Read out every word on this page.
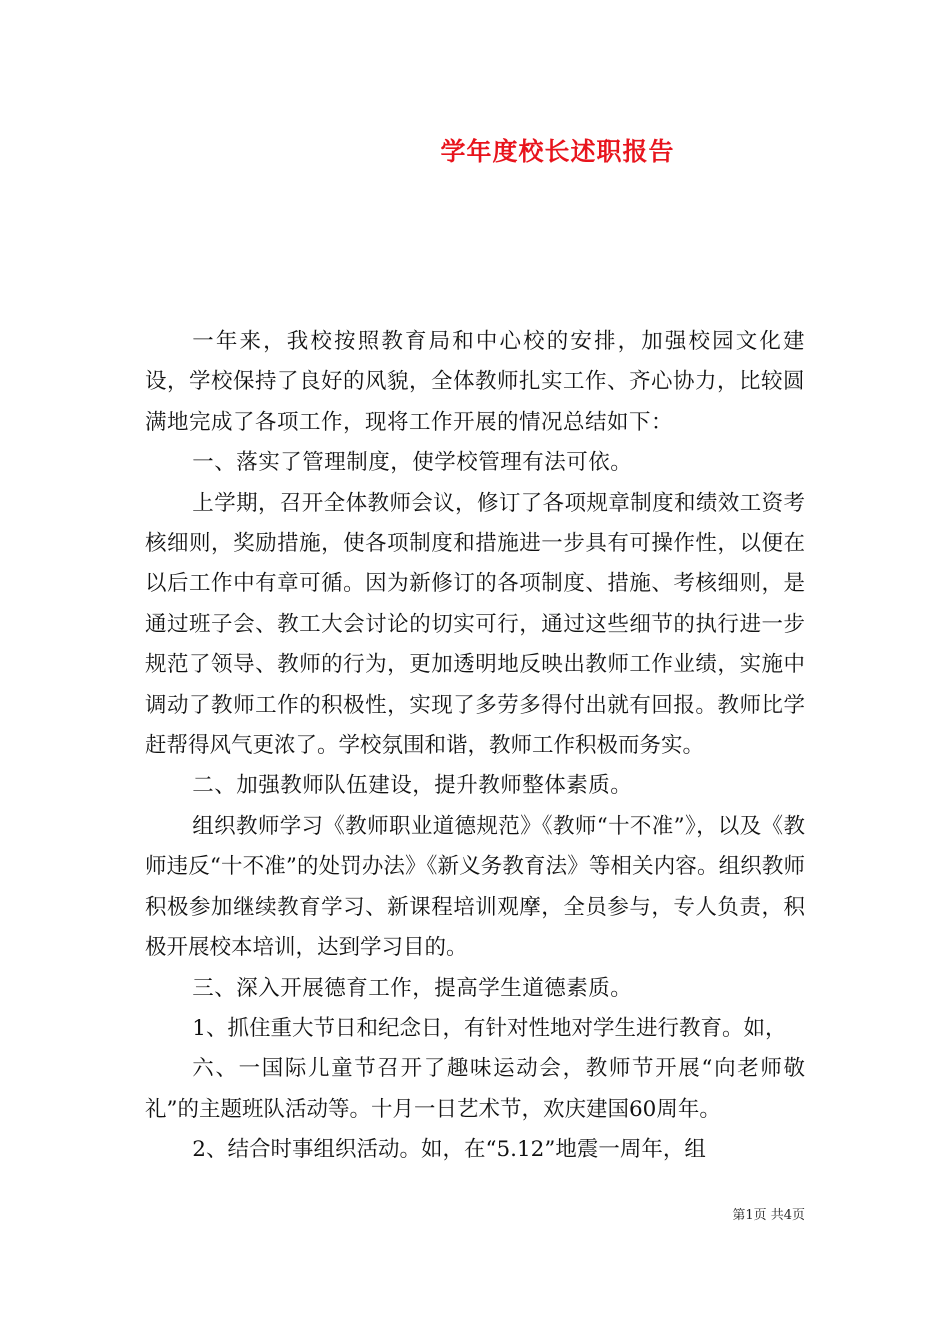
学年度校长述职报告

一年来，我校按照教育局和中心校的安排，加强校园文化建设，学校保持了良好的风貌，全体教师扎实工作、齐心协力，比较圆满地完成了各项工作，现将工作开展的情况总结如下：

一、落实了管理制度，使学校管理有法可依。

上学期，召开全体教师会议，修订了各项规章制度和绩效工资考核细则，奖励措施，使各项制度和措施进一步具有可操作性，以便在以后工作中有章可循。因为新修订的各项制度、措施、考核细则，是通过班子会、教工大会讨论的切实可行，通过这些细节的执行进一步规范了领导、教师的行为，更加透明地反映出教师工作业绩，实施中调动了教师工作的积极性，实现了多劳多得付出就有回报。教师比学赶帮得风气更浓了。学校氛围和谐，教师工作积极而务实。

二、加强教师队伍建设，提升教师整体素质。

组织教师学习《教师职业道德规范》《教师“十不准”》，以及《教师违反“十不准”的处罚办法》《新义务教育法》等相关内容。组织教师积极参加继续教育学习、新课程培训观摩，全员参与，专人负责，积极开展校本培训，达到学习目的。

三、深入开展德育工作，提高学生道德素质。

1、抓住重大节日和纪念日，有针对性地对学生进行教育。如，

六、一国际儿童节召开了趣味运动会，教师节开展“向老师敬礼”的主题班队活动等。十月一日艺术节，欢庆建国60周年。

2、结合时事组织活动。如，在“5.12”地震一周年，组

第1页 共4页
